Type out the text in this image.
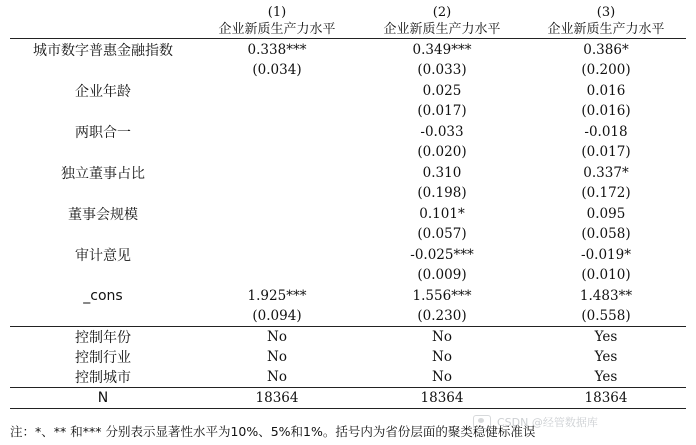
	(1)	(2)	(3)
	企业新质生产力水平	企业新质生产力水平	企业新质生产力水平
城市数字普惠金融指数	0.338***	0.349***	0.386*
	(0.034)	(0.033)	(0.200)
企业年龄		0.025	0.016
		(0.017)	(0.016)
两职合一		-0.033	-0.018
		(0.020)	(0.017)
独立董事占比		0.310	0.337*
		(0.198)	(0.172)
董事会规模		0.101*	0.095
		(0.057)	(0.058)
审计意见		-0.025***	-0.019*
		(0.009)	(0.010)
_cons	1.925***	1.556***	1.483**
	(0.094)	(0.230)	(0.558)
控制年份	No	No	Yes
控制行业	No	No	Yes
控制城市	No	No	Yes
N	18364	18364	18364
注：*、** 和*** 分别表示显著性水平为10%、5%和1%。括号内为省份层面的聚类稳健标准误
CSDN @经管数据库
